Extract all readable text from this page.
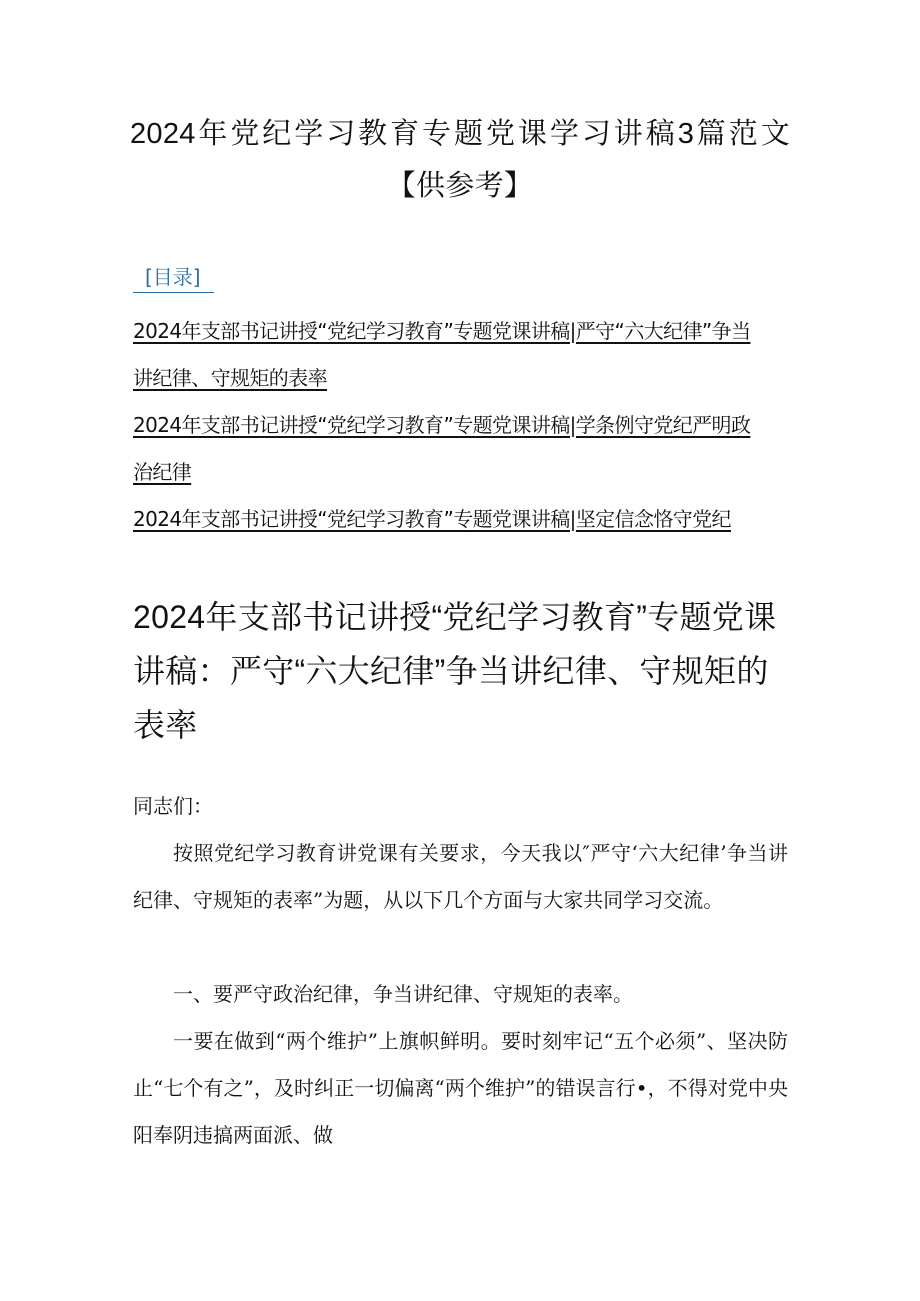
2024年党纪学习教育专题党课学习讲稿3篇范文【供参考】
[目录]
2024年支部书记讲授“党纪学习教育”专题党课讲稿|严守“六大纪律”争当讲纪律、守规矩的表率
2024年支部书记讲授“党纪学习教育”专题党课讲稿|学条例守党纪严明政治纪律
2024年支部书记讲授“党纪学习教育”专题党课讲稿|坚定信念恪守党纪
2024年支部书记讲授“党纪学习教育”专题党课讲稿：严守“六大纪律”争当讲纪律、守规矩的表率

同志们：

按照党纪学习教育讲党课有关要求，今天我以″严守‘六大纪律’争当讲纪律、守规矩的表率”为题，从以下几个方面与大家共同学习交流。

一、要严守政治纪律，争当讲纪律、守规矩的表率。

一要在做到“两个维护”上旗帜鲜明。要时刻牢记“五个必须”、坚决防止“七个有之”，及时纠正一切偏离“两个维护”的错误言行•，不得对党中央阳奉阴违搞两面派、做
